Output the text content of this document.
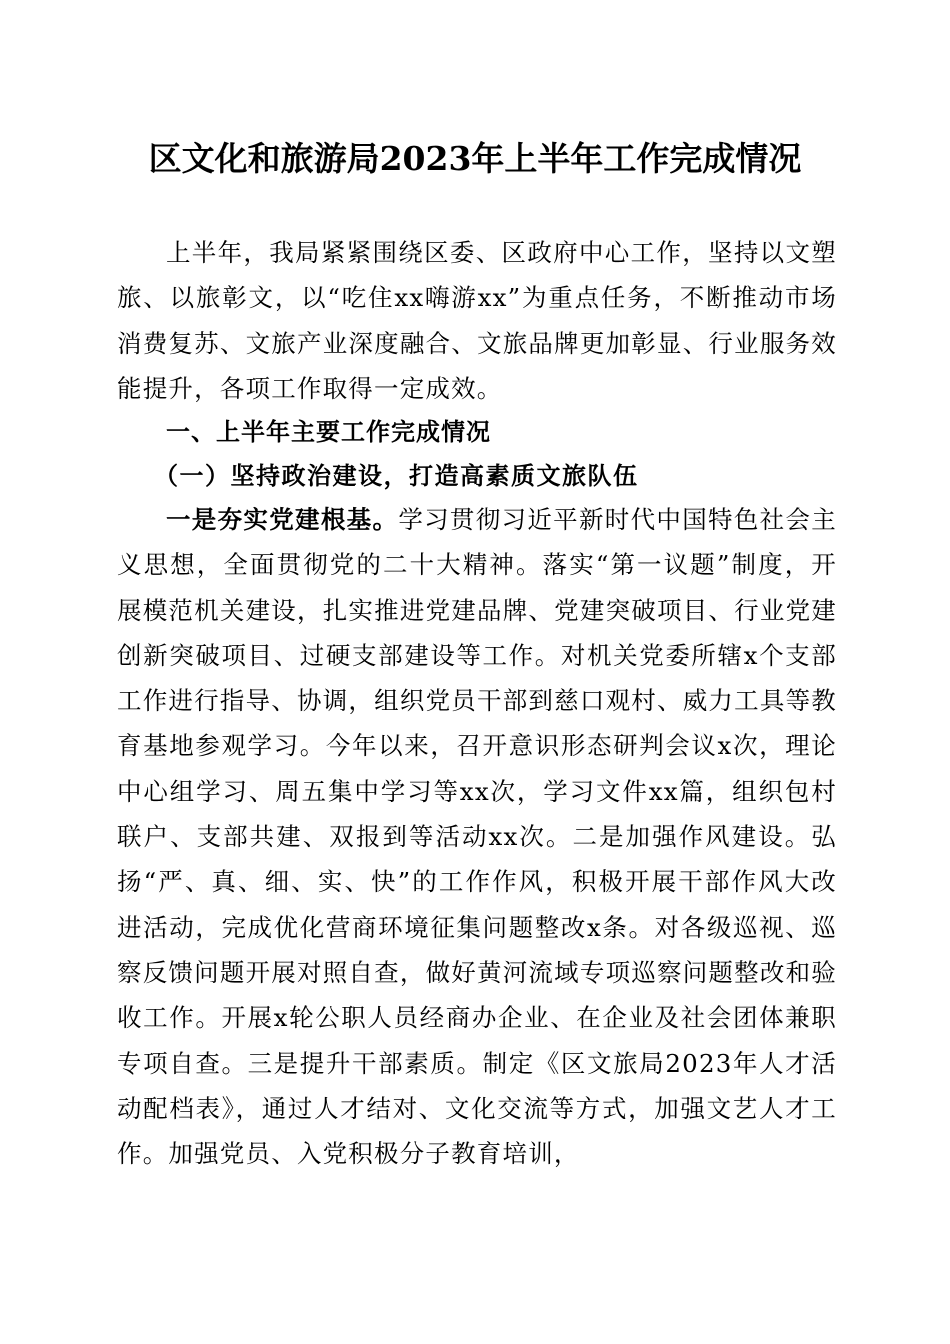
区文化和旅游局2023年上半年工作完成情况

上半年，我局紧紧围绕区委、区政府中心工作，坚持以文塑旅、以旅彰文，以“吃住xx嗨游xx”为重点任务，不断推动市场消费复苏、文旅产业深度融合、文旅品牌更加彰显、行业服务效能提升，各项工作取得一定成效。

一、上半年主要工作完成情况
（一）坚持政治建设，打造高素质文旅队伍

一是夯实党建根基。学习贯彻习近平新时代中国特色社会主义思想，全面贯彻党的二十大精神。落实“第一议题”制度，开展模范机关建设，扎实推进党建品牌、党建突破项目、行业党建创新突破项目、过硬支部建设等工作。对机关党委所辖x个支部工作进行指导、协调，组织党员干部到慈口观村、威力工具等教育基地参观学习。今年以来，召开意识形态研判会议x次，理论中心组学习、周五集中学习等xx次，学习文件xx篇，组织包村联户、支部共建、双报到等活动xx次。二是加强作风建设。弘扬“严、真、细、实、快”的工作作风，积极开展干部作风大改进活动，完成优化营商环境征集问题整改x条。对各级巡视、巡察反馈问题开展对照自查，做好黄河流域专项巡察问题整改和验收工作。开展x轮公职人员经商办企业、在企业及社会团体兼职专项自查。三是提升干部素质。制定《区文旅局2023年人才活动配档表》，通过人才结对、文化交流等方式，加强文艺人才工作。加强党员、入党积极分子教育培训，
